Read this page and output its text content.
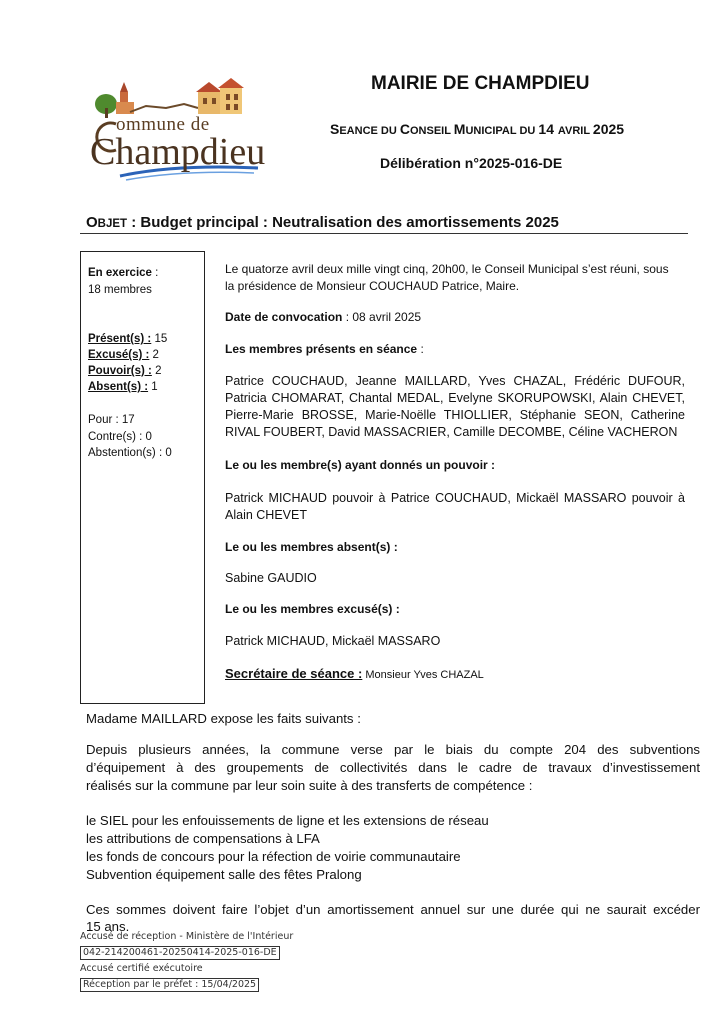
ommune de
Champdieu
MAIRIE DE CHAMPDIEU
SEANCE DU CONSEIL MUNICIPAL DU 14 AVRIL 2025
Délibération n°2025-016-DE
OBJET : Budget principal : Neutralisation des amortissements 2025
En exercice :
18 membres
Présent(s) : 15
Excusé(s) : 2
Pouvoir(s) : 2
Absent(s) : 1
Pour : 17
Contre(s) : 0
Abstention(s) : 0
Le quatorze avril deux mille vingt cinq, 20h00, le Conseil Municipal s’est réuni, sous
la présidence de Monsieur COUCHAUD Patrice, Maire.
Date de convocation : 08 avril 2025
Les membres présents en séance :
Patrice COUCHAUD, Jeanne MAILLARD, Yves CHAZAL, Frédéric DUFOUR,
Patricia CHOMARAT, Chantal MEDAL, Evelyne SKORUPOWSKI, Alain CHEVET,
Pierre-Marie BROSSE, Marie-Noëlle THIOLLIER, Stéphanie SEON, Catherine
RIVAL FOUBERT, David MASSACRIER, Camille DECOMBE, Céline VACHERON
Le ou les membre(s) ayant donnés un pouvoir :
Patrick MICHAUD pouvoir à Patrice COUCHAUD, Mickaël MASSARO pouvoir à
Alain CHEVET
Le ou les membres absent(s) :
Sabine GAUDIO
Le ou les membres excusé(s) :
Patrick MICHAUD, Mickaël MASSARO
Secrétaire de séance : Monsieur Yves CHAZAL
Madame MAILLARD expose les faits suivants :
Depuis plusieurs années, la commune verse par le biais du compte 204 des subventions
d’équipement à des groupements de collectivités dans le cadre de travaux d’investissement
réalisés sur la commune par leur soin suite à des transferts de compétence :
le SIEL pour les enfouissements de ligne et les extensions de réseau
les attributions de compensations à LFA
les fonds de concours pour la réfection de voirie communautaire
Subvention équipement salle des fêtes Pralong
Ces sommes doivent faire l’objet d’un amortissement annuel sur une durée qui ne saurait excéder
15 ans.
Accusé de réception - Ministère de l'Intérieur
042-214200461-20250414-2025-016-DE
Accusé certifié exécutoire
Réception par le préfet : 15/04/2025
